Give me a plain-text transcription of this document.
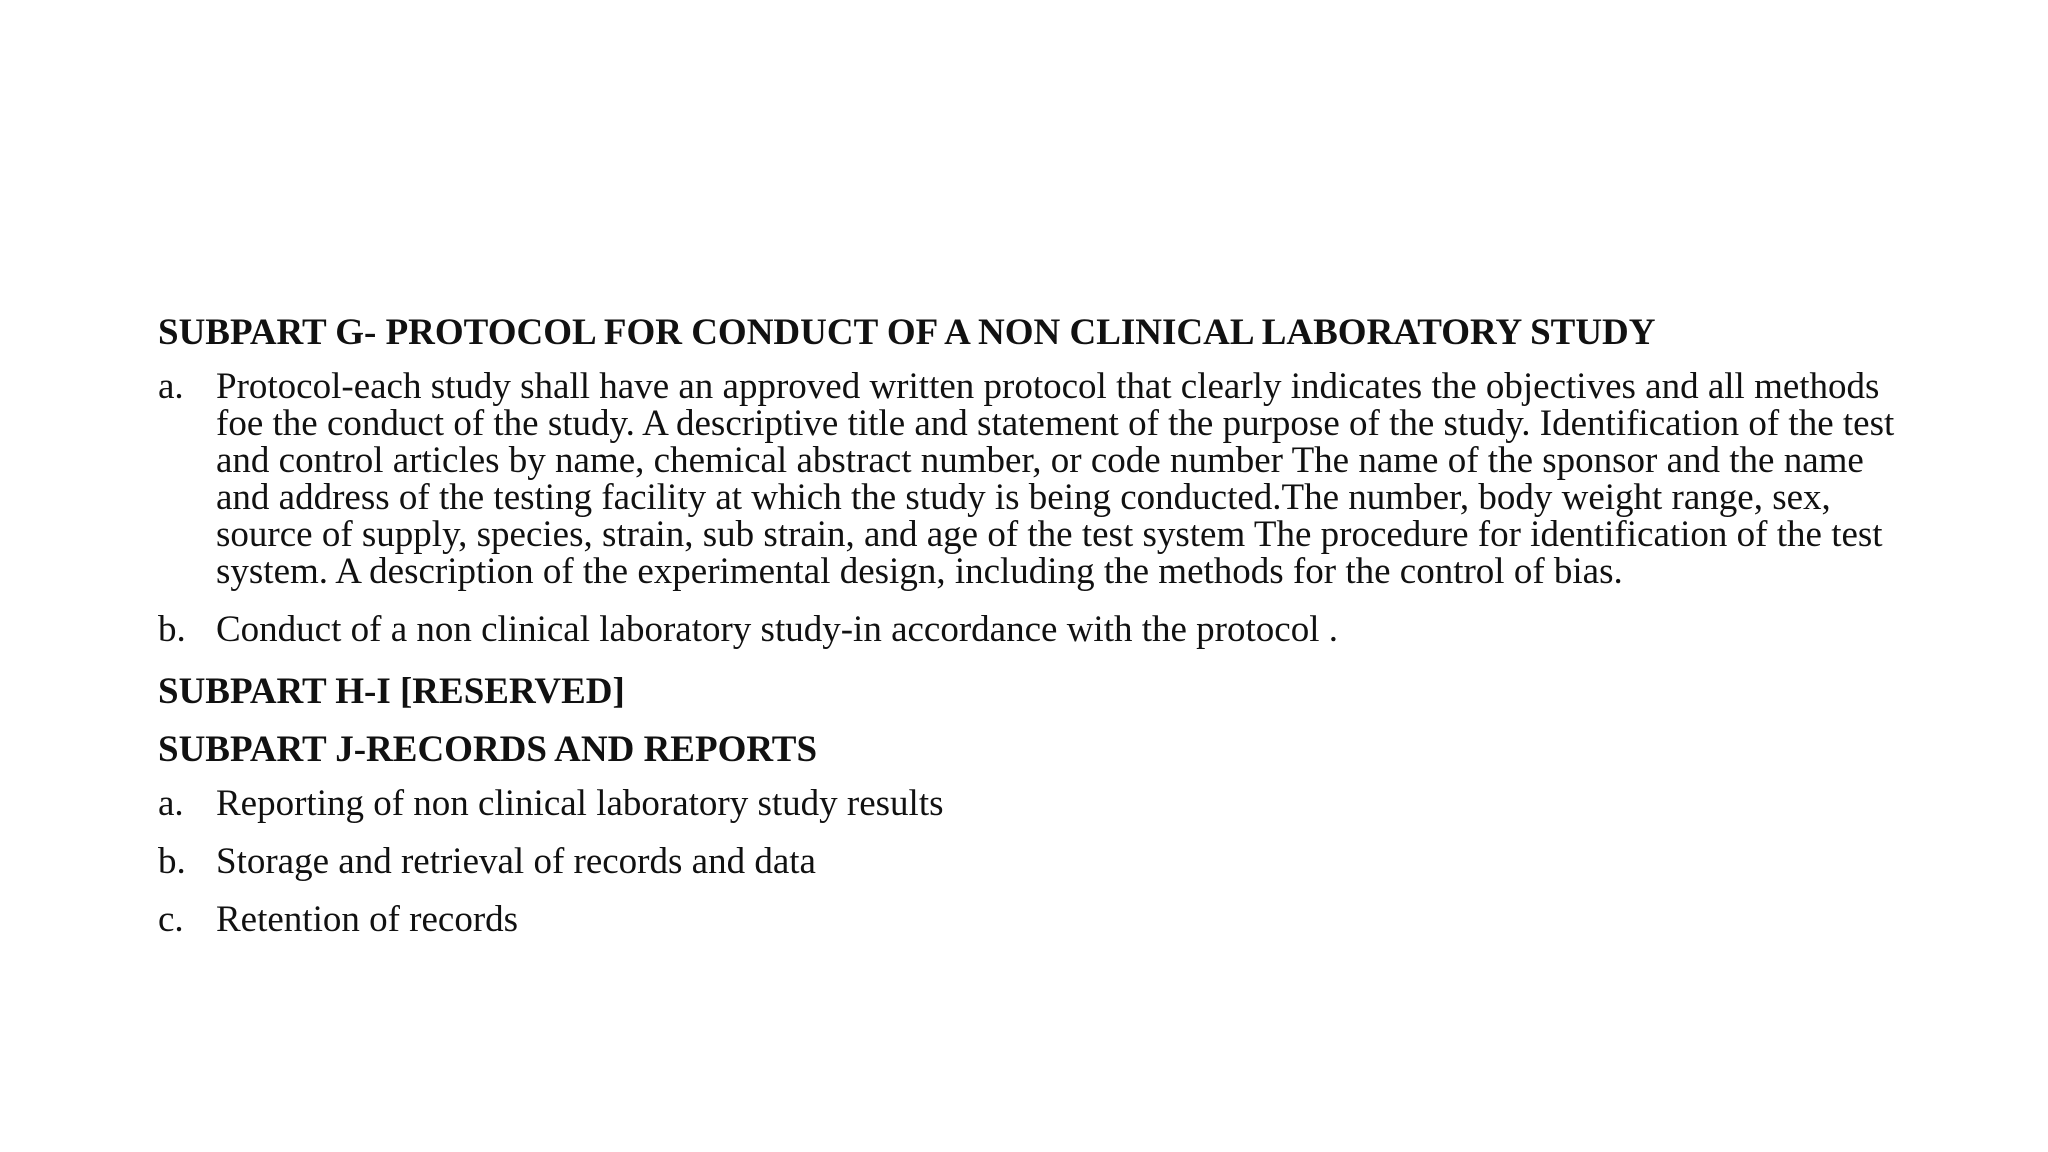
SUBPART G- PROTOCOL FOR CONDUCT OF A NON CLINICAL LABORATORY STUDY
a. Protocol-each study shall have an approved written protocol that clearly indicates the objectives and all methods foe the conduct of the study. A descriptive title and statement of the purpose of the study. Identification of the test and control articles by name, chemical abstract number, or code number The name of the sponsor and the name and address of the testing facility at which the study is being conducted.The number, body weight range, sex, source of supply, species, strain, sub strain, and age of the test system The procedure for identification of the test system. A description of the experimental design, including the methods for the control of bias.
b. Conduct of a non clinical laboratory study-in accordance with the protocol .
SUBPART H-I [RESERVED]
SUBPART J-RECORDS AND REPORTS
a. Reporting of non clinical laboratory study results
b. Storage and retrieval of records and data
c. Retention of records
